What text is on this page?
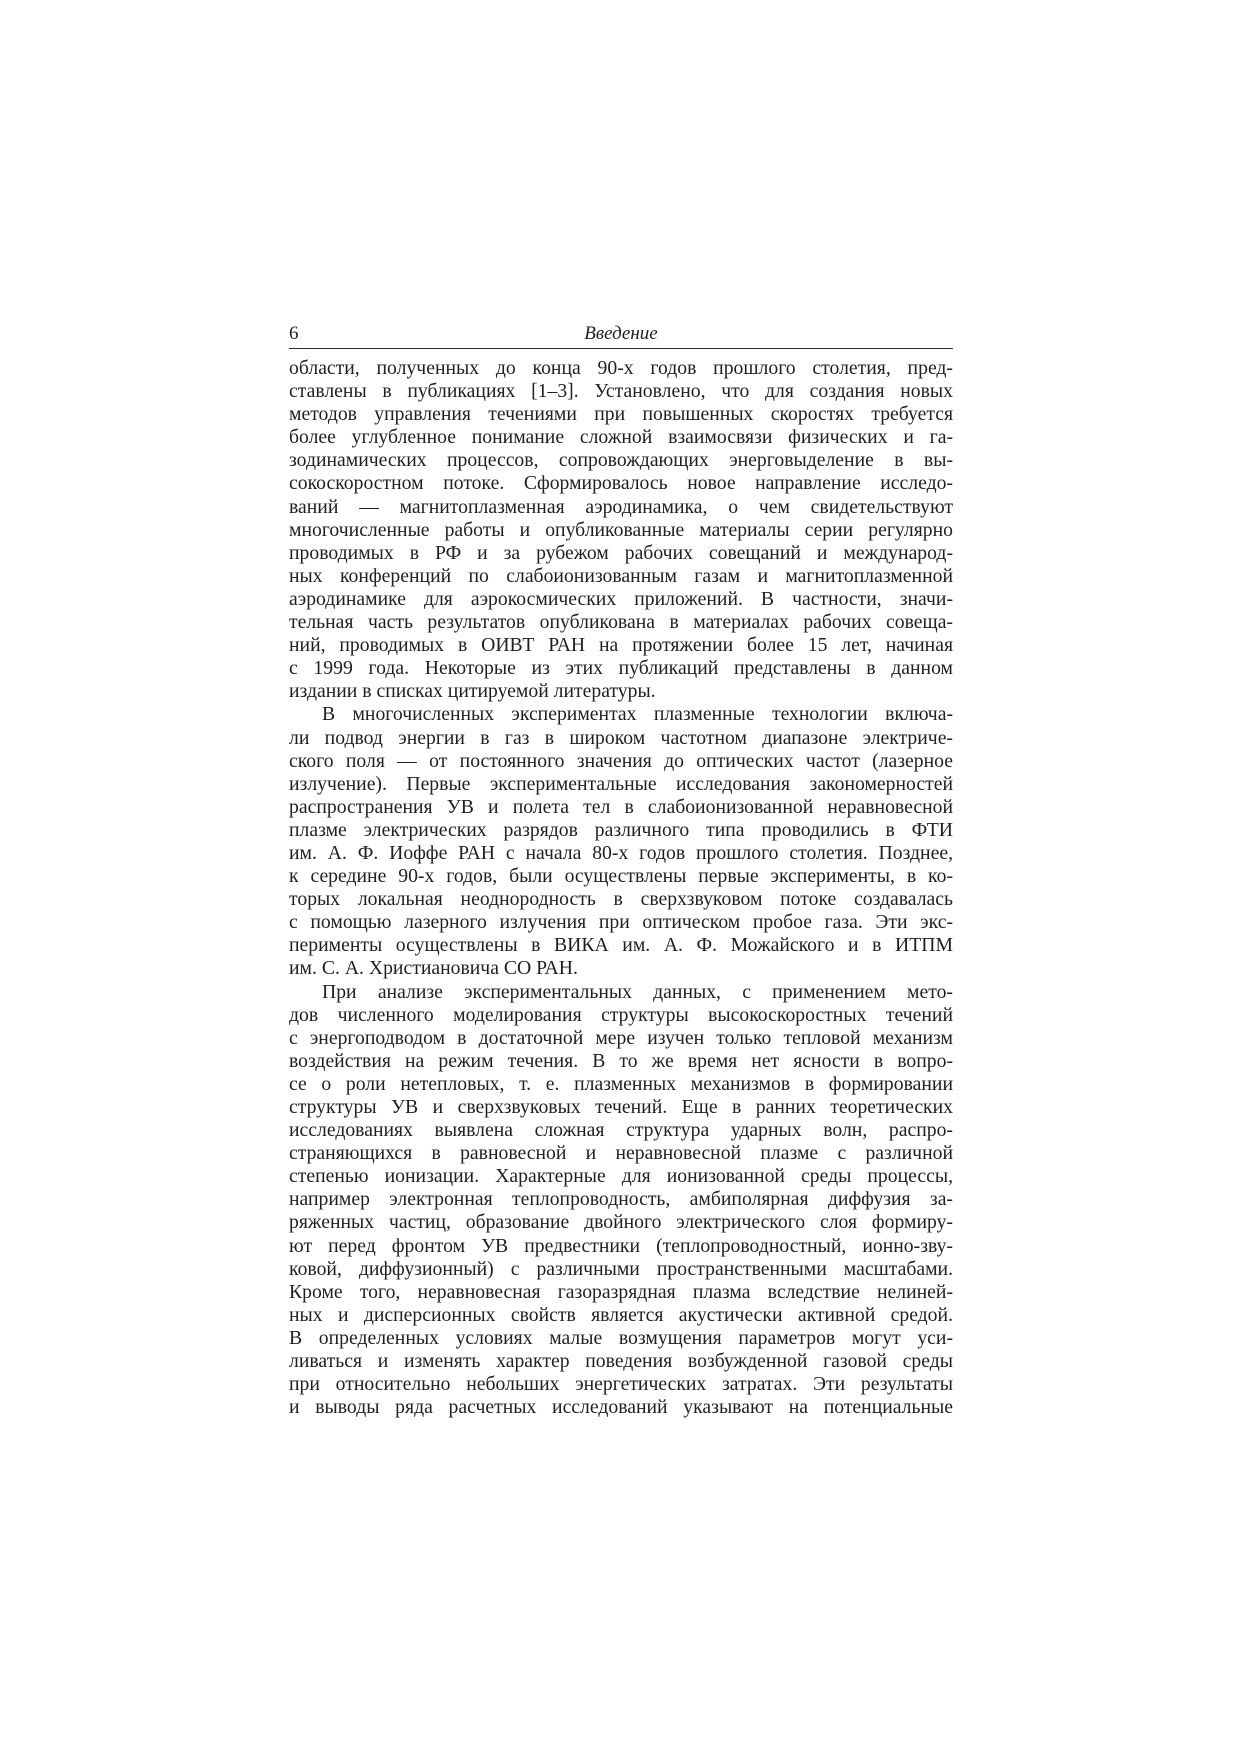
6	Введение
области, полученных до конца 90-х годов прошлого столетия, пред-
ставлены в публикациях [1–3]. Установлено, что для создания новых
методов управления течениями при повышенных скоростях требуется
более углубленное понимание сложной взаимосвязи физических и га-
зодинамических процессов, сопровождающих энерговыделение в вы-
сокоскоростном потоке. Сформировалось новое направление исследо-
ваний — магнитоплазменная аэродинамика, о чем свидетельствуют
многочисленные работы и опубликованные материалы серии регулярно
проводимых в РФ и за рубежом рабочих совещаний и международ-
ных конференций по слабоионизованным газам и магнитоплазменной
аэродинамике для аэрокосмических приложений. В частности, значи-
тельная часть результатов опубликована в материалах рабочих совеща-
ний, проводимых в ОИВТ РАН на протяжении более 15 лет, начиная
с 1999 года. Некоторые из этих публикаций представлены в данном
издании в списках цитируемой литературы.
В многочисленных экспериментах плазменные технологии включа-
ли подвод энергии в газ в широком частотном диапазоне электриче-
ского поля — от постоянного значения до оптических частот (лазерное
излучение). Первые экспериментальные исследования закономерностей
распространения УВ и полета тел в слабоионизованной неравновесной
плазме электрических разрядов различного типа проводились в ФТИ
им. А. Ф. Иоффе РАН с начала 80-х годов прошлого столетия. Позднее,
к середине 90-х годов, были осуществлены первые эксперименты, в ко-
торых локальная неоднородность в сверхзвуковом потоке создавалась
с помощью лазерного излучения при оптическом пробое газа. Эти экс-
перименты осуществлены в ВИКА им. А. Ф. Можайского и в ИТПМ
им. С. А. Христиановича СО РАН.
При анализе экспериментальных данных, с применением мето-
дов численного моделирования структуры высокоскоростных течений
с энергоподводом в достаточной мере изучен только тепловой механизм
воздействия на режим течения. В то же время нет ясности в вопро-
се о роли нетепловых, т. е. плазменных механизмов в формировании
структуры УВ и сверхзвуковых течений. Еще в ранних теоретических
исследованиях выявлена сложная структура ударных волн, распро-
страняющихся в равновесной и неравновесной плазме с различной
степенью ионизации. Характерные для ионизованной среды процессы,
например электронная теплопроводность, амбиполярная диффузия за-
ряженных частиц, образование двойного электрического слоя формиру-
ют перед фронтом УВ предвестники (теплопроводностный, ионно-зву-
ковой, диффузионный) с различными пространственными масштабами.
Кроме того, неравновесная газоразрядная плазма вследствие нелиней-
ных и дисперсионных свойств является акустически активной средой.
В определенных условиях малые возмущения параметров могут уси-
ливаться и изменять характер поведения возбужденной газовой среды
при относительно небольших энергетических затратах. Эти результаты
и выводы ряда расчетных исследований указывают на потенциальные
